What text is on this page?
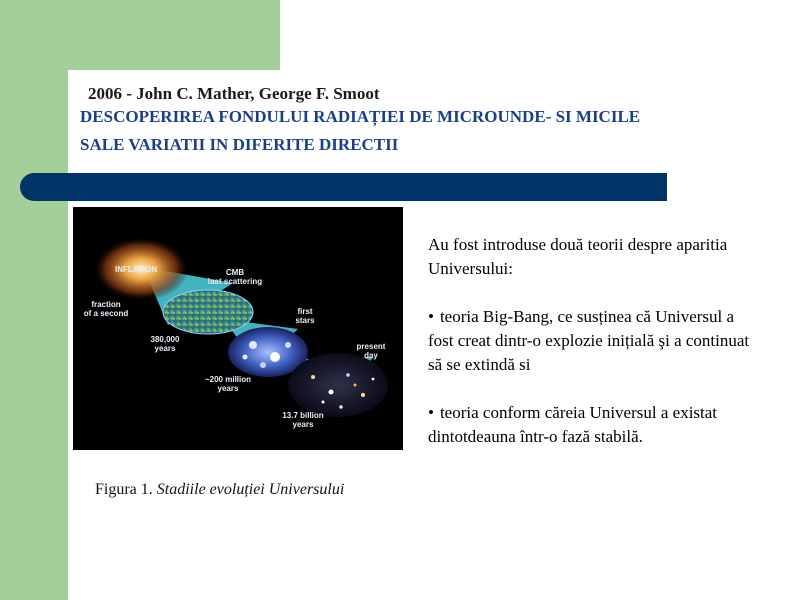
2006 - John C. Mather, George F. Smoot
DESCOPERIREA FONDULUI RADIAȚIEI DE MICROUNDE- SI MICILE
SALE VARIATII IN DIFERITE DIRECTII
INFLATION	CMB
last scattering
fraction
of a second	first
stars
present
day
380,000
years
~200 million
years
13.7 billion
years
Figura 1. Stadiile evoluției Universului

Au fost introduse două teorii despre aparitia Universului:

• teoria Big-Bang, ce susținea că Universul a fost creat dintr-o explozie inițială şi a continuat să se extindă si

• teoria conform căreia Universul a existat dintotdeauna într-o fază stabilă.
